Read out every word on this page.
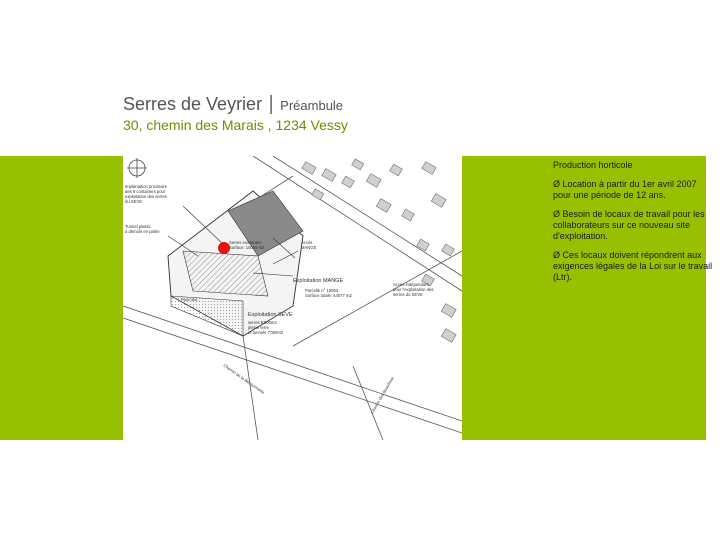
Serres de Veyrier | Préambule
30, chemin des Marais , 1234 Vessy
Implantation provisoire des 5 containers pour exploitation des serres du SEVE
Tunnel plastic à démolir en partie
Serres existantes Surface: 10055 m2
Accès MANGE
Exploitation MANGE
Parcelle n° 10053 Surface totale: 44077 m2
Accès indépendant pour l'exploitation des serres du SEVE
Exploitation SEVE
serres 5'000m2 pleine terre et tunnels 7'000m2
Place des...
Chemin de la Bessonnette	Chemin des Beaulieux

Production horticole

Ø Location à partir du 1er avril 2007 pour une période de 12 ans.

Ø Besoin de locaux de travail pour les collaborateurs sur ce nouveau site d'exploitation.

Ø Ces locaux doivent répondrent aux exigences légales de la Loi sur le travail (Ltr).
